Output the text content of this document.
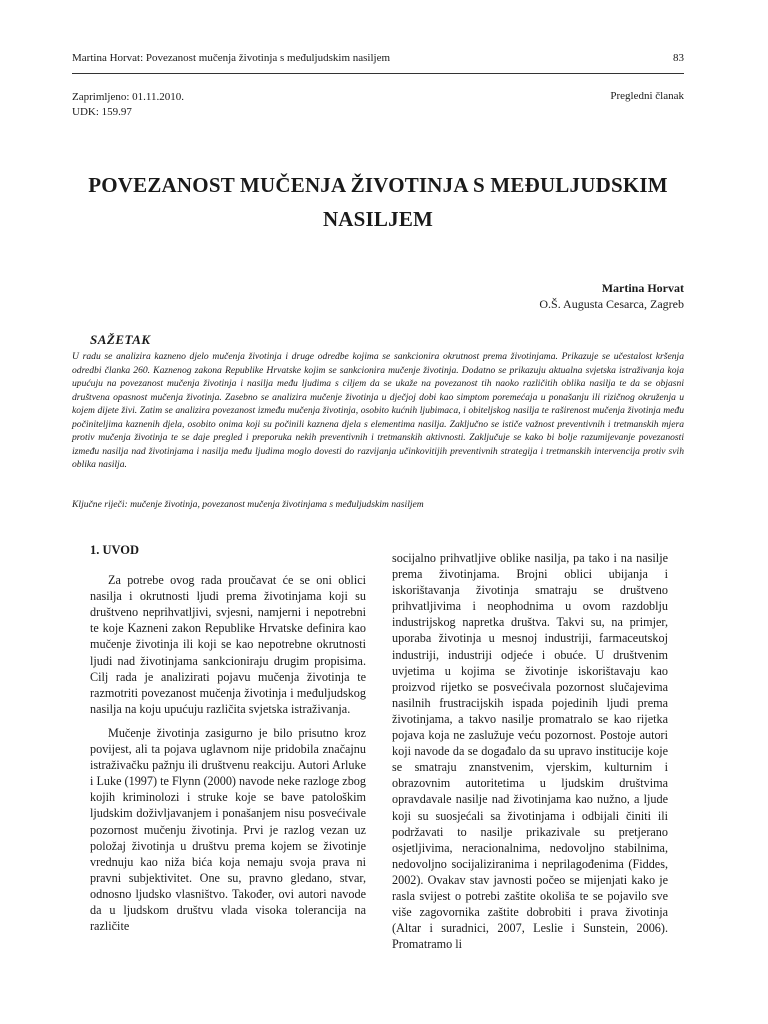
Martina Horvat: Povezanost mučenja životinja s međuljudskim nasiljem	83
Zaprimljeno: 01.11.2010.
UDK: 159.97
Pregledni članak
POVEZANOST MUČENJA ŽIVOTINJA S MEĐULJUDSKIM NASILJEM
Martina Horvat
O.Š. Augusta Cesarca, Zagreb
SAŽETAK
U radu se analizira kazneno djelo mučenja životinja i druge odredbe kojima se sankcionira okrutnost prema životinjama. Prikazuje se učestalost kršenja odredbi članka 260. Kaznenog zakona Republike Hrvatske kojim se sankcionira mučenje životinja. Dodatno se prikazuju aktualna svjetska istraživanja koja upućuju na povezanost mučenja životinja i nasilja među ljudima s ciljem da se ukaže na povezanost tih naoko različitih oblika nasilja te da se objasni društvena opasnost mučenja životinja. Zasebno se analizira mučenje životinja u dječjoj dobi kao simptom poremećaja u ponašanju ili rizičnog okruženja u kojem dijete živi. Zatim se analizira povezanost između mučenja životinja, osobito kućnih ljubimaca, i obiteljskog nasilja te raširenost mučenja životinja među počiniteljima kaznenih djela, osobito onima koji su počinili kaznena djela s elementima nasilja. Zaključno se ističe važnost preventivnih i tretmanskih mjera protiv mučenja životinja te se daje pregled i preporuka nekih preventivnih i tretmanskih aktivnosti. Zaključuje se kako bi bolje razumijevanje povezanosti između nasilja nad životinjama i nasilja među ljudima moglo dovesti do razvijanja učinkovitijih preventivnih strategija i tretmanskih intervencija protiv svih oblika nasilja.
Ključne riječi: mučenje životinja, povezanost mučenja životinjama s međuljudskim nasiljem
1. UVOD

Za potrebe ovog rada proučavat će se oni oblici nasilja i okrutnosti ljudi prema životinjama koji su društveno neprihvatljivi, svjesni, namjerni i nepotrebni te koje Kazneni zakon Republike Hrvatske definira kao mučenje životinja ili koji se kao nepotrebne okrutnosti ljudi nad životinjama sankcioniraju drugim propisima. Cilj rada je analizirati pojavu mučenja životinja te razmotriti povezanost mučenja životinja i međuljudskog nasilja na koju upućuju različita svjetska istraživanja.

Mučenje životinja zasigurno je bilo prisutno kroz povijest, ali ta pojava uglavnom nije pridobila značajnu istraživačku pažnju ili društvenu reakciju. Autori Arluke i Luke (1997) te Flynn (2000) navode neke razloge zbog kojih kriminolozi i struke koje se bave patološkim ljudskim doživljavanjem i ponašanjem nisu posvećivale pozornost mučenju životinja. Prvi je razlog vezan uz položaj životinja u društvu prema kojem se životinje vrednuju kao niža bića koja nemaju svoja prava ni pravni subjektivitet. One su, pravno gledano, stvar, odnosno ljudsko vlasništvo. Također, ovi autori navode da u ljudskom društvu vlada visoka tolerancija na različite

socijalno prihvatljive oblike nasilja, pa tako i na nasilje prema životinjama. Brojni oblici ubijanja i iskorištavanja životinja smatraju se društveno prihvatljivima i neophodnima u ovom razdoblju industrijskog napretka društva. Takvi su, na primjer, uporaba životinja u mesnoj industriji, farmaceutskoj industriji, industriji odjeće i obuće. U društvenim uvjetima u kojima se životinje iskorištavaju kao proizvod rijetko se posvećivala pozornost slučajevima nasilnih frustracijskih ispada pojedinih ljudi prema životinjama, a takvo nasilje promatralo se kao rijetka pojava koja ne zaslužuje veću pozornost. Postoje autori koji navode da se događalo da su upravo institucije koje se smatraju znanstvenim, vjerskim, kulturnim i obrazovnim autoritetima u ljudskim društvima opravdavale nasilje nad životinjama kao nužno, a ljude koji su suosjećali sa životinjama i odbijali činiti ili podržavati to nasilje prikazivale su pretjerano osjetljivima, neracionalnima, nedovoljno stabilnima, nedovoljno socijaliziranima i neprilagođenima (Fiddes, 2002). Ovakav stav javnosti počeo se mijenjati kako je rasla svijest o potrebi zaštite okoliša te se pojavilo sve više zagovornika zaštite dobrobiti i prava životinja (Altar i suradnici, 2007, Leslie i Sunstein, 2006). Promatramo li
